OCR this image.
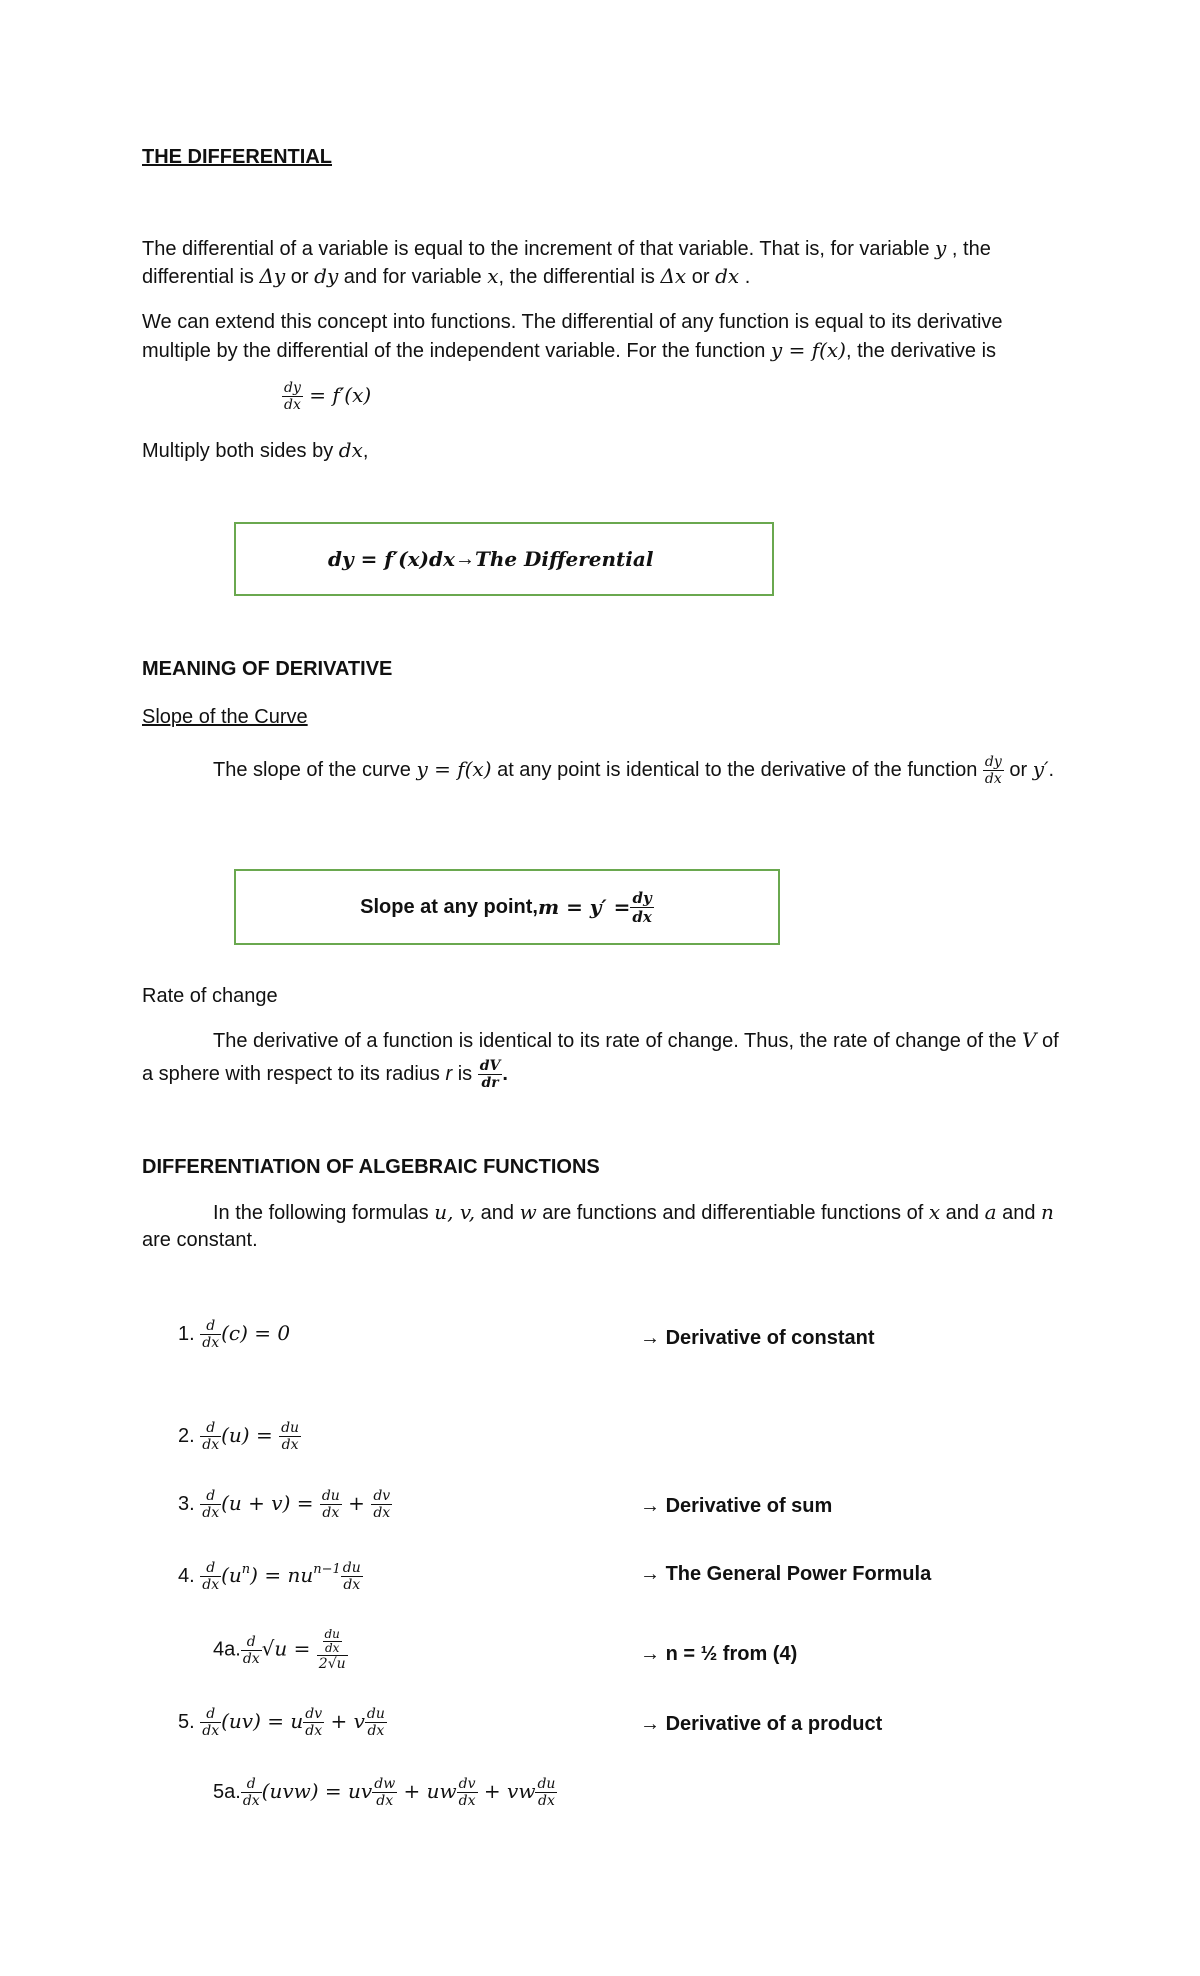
THE DIFFERENTIAL
The differential of a variable is equal to the increment of that variable. That is, for variable y , the
differential is Δy or dy and for variable x, the differential is Δx or dx .
We can extend this concept into functions. The differential of any function is equal to its derivative
multiple by the differential of the independent variable. For the function y = f(x), the derivative is
$\frac{dy}{dx} = f'(x)$
Multiply both sides by dx,
dy = f′(x)dx → The Differential
MEANING OF DERIVATIVE
Slope of the Curve
The slope of the curve y = f(x) at any point is identical to the derivative of the function $\frac{dy}{dx}$ or y′.
Slope at any point, $m = y' = \frac{dy}{dx}$
Rate of change
The derivative of a function is identical to its rate of change. Thus, the rate of change of the V of
a sphere with respect to its radius r is $\frac{dV}{dr}$ .
DIFFERENTIATION OF ALGEBRAIC FUNCTIONS
In the following formulas u, v, and w are functions and differentiable functions of x and a and n
are constant.
1. $\frac{d}{dx} (c) = 0$	→ Derivative of constant
2. $\frac{d}{dx} (u) = \frac{du}{dx}$
3. $\frac{d}{dx} (u + v) = \frac{du}{dx} + \frac{dv}{dx}$	→ Derivative of sum
4. $\frac{d}{dx} (u^n) = nu^{n-1} \frac{du}{dx}$	→ The General Power Formula
4a. $\frac{d}{dx} √u = \frac{\frac{du}{dx}}{2√u}$	→ n = ½ from (4)
5. $\frac{d}{dx} (uv) = u \frac{dv}{dx} + v \frac{du}{dx}$	→ Derivative of a product
5a. $\frac{d}{dx} (uvw)$ = uv $\frac{dw}{dx}$ + uw $\frac{dv}{dx}$ + vw $\frac{du}{dx}$
